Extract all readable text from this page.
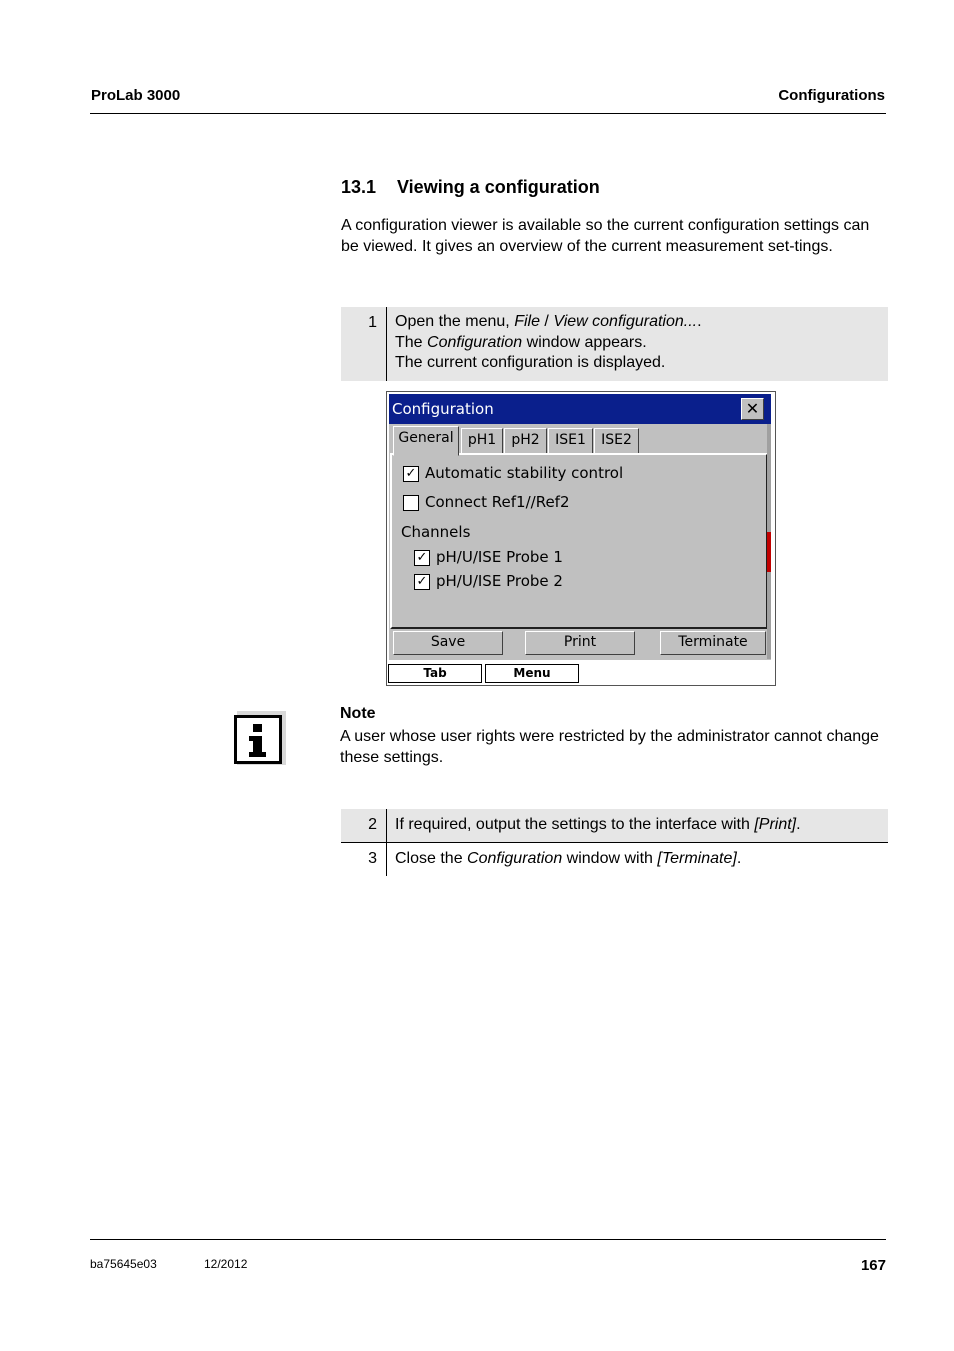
ProLab 3000	Configurations
13.1 Viewing a configuration
A configuration viewer is available so the current configuration settings can be viewed. It gives an overview of the current measurement set-tings.
1 Open the menu, File / View configuration....
The Configuration window appears.
The current configuration is displayed.
Configuration	✕
General	pH1	pH2	ISE1	ISE2
✓ Automatic stability control
Connect Ref1//Ref2
Channels
✓ pH/U/ISE Probe 1
✓ pH/U/ISE Probe 2
Save	Print	Terminate
Tab	Menu
Note
A user whose user rights were restricted by the administrator cannot change these settings.
2 If required, output the settings to the interface with [Print].
3 Close the Configuration window with [Terminate].
ba75645e03	12/2012	167
